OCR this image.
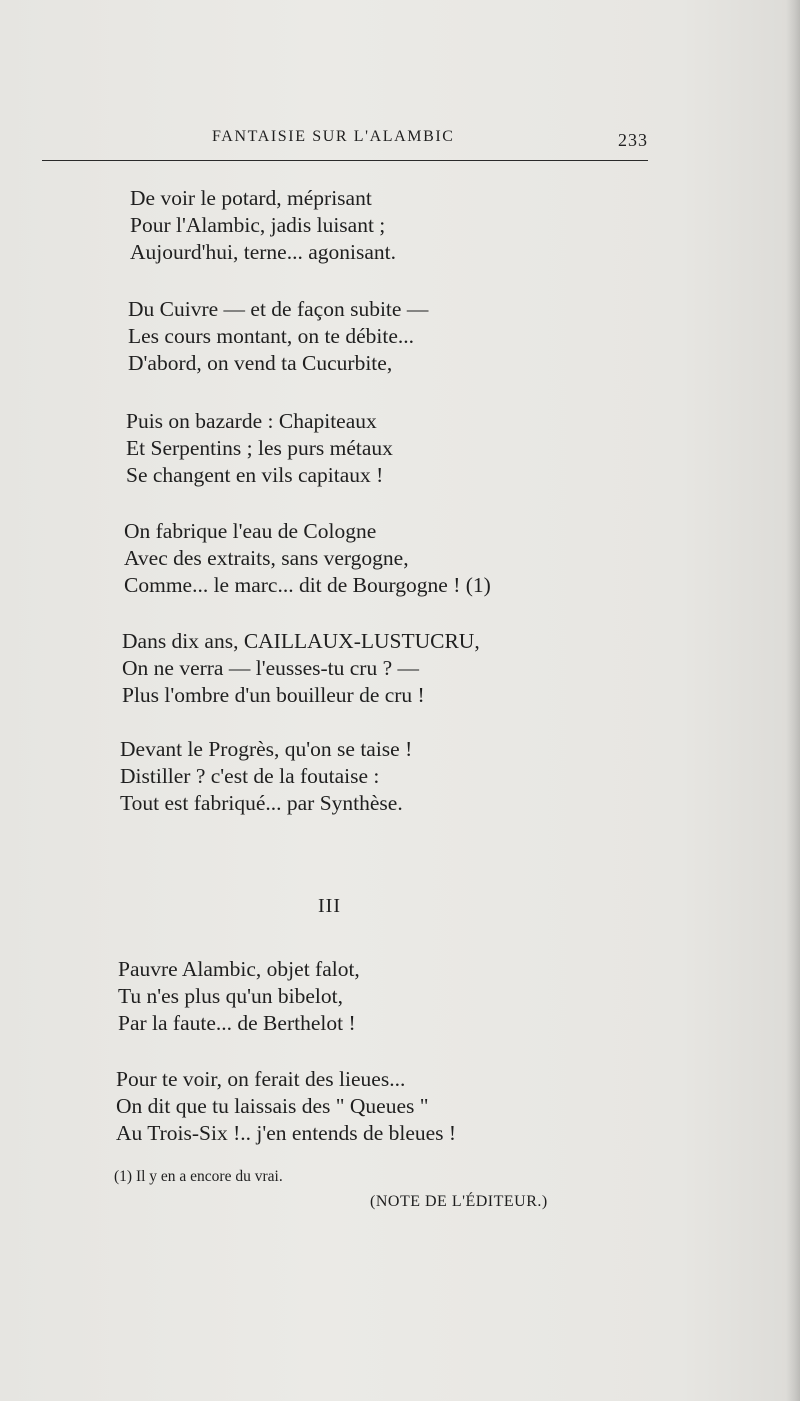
FANTAISIE SUR L'ALAMBIC	233
De voir le potard, méprisant
Pour l'Alambic, jadis luisant ;
Aujourd'hui, terne... agonisant.
Du Cuivre — et de façon subite —
Les cours montant, on te débite...
D'abord, on vend ta Cucurbite,
Puis on bazarde : Chapiteaux
Et Serpentins ; les purs métaux
Se changent en vils capitaux !
On fabrique l'eau de Cologne
Avec des extraits, sans vergogne,
Comme... le marc... dit de Bourgogne ! (1)
Dans dix ans, CAILLAUX-LUSTUCRU,
On ne verra — l'eusses-tu cru ? —
Plus l'ombre d'un bouilleur de cru !
Devant le Progrès, qu'on se taise !
Distiller ? c'est de la foutaise :
Tout est fabriqué... par Synthèse.
III
Pauvre Alambic, objet falot,
Tu n'es plus qu'un bibelot,
Par la faute... de Berthelot !
Pour te voir, on ferait des lieues...
On dit que tu laissais des " Queues "
Au Trois-Six !.. j'en entends de bleues !
(1) Il y en a encore du vrai.
(NOTE DE L'ÉDITEUR.)
